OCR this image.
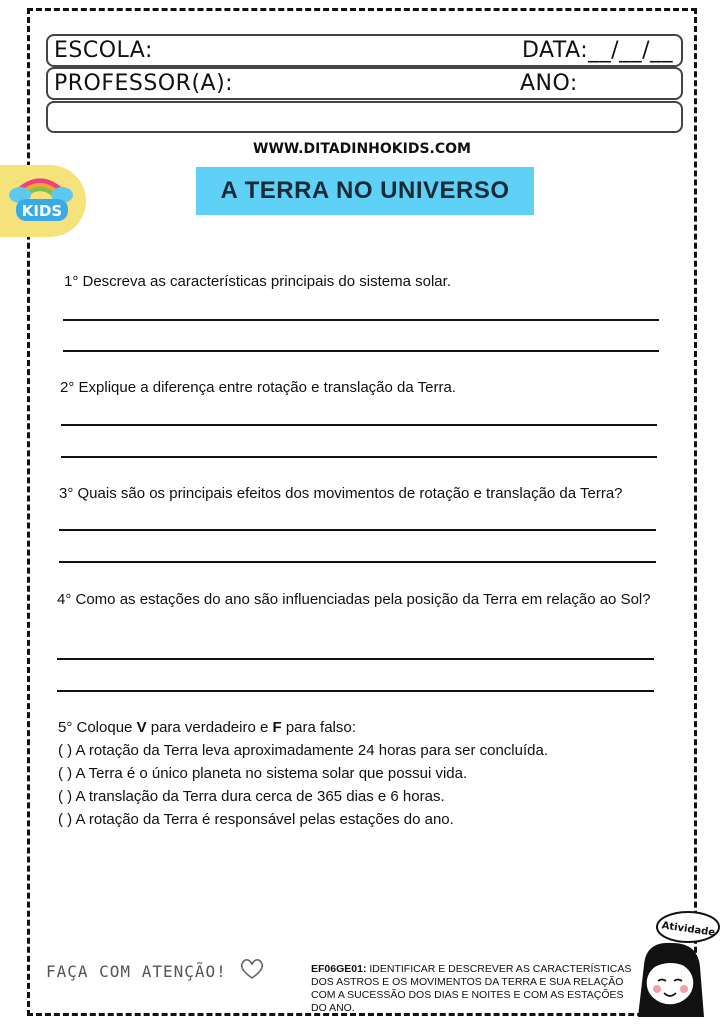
ESCOLA:	DATA:__/__/__
PROFESSOR(A):	ANO:
WWW.DITADINHOKIDS.COM
KIDS
A TERRA NO UNIVERSO
1° Descreva as características principais do sistema solar.
2° Explique a diferença entre rotação e translação da Terra.
3° Quais são os principais efeitos dos movimentos de rotação e translação da Terra?
4° Como as estações do ano são influenciadas pela posição da Terra em relação ao Sol?
5° Coloque V para verdadeiro e F para falso:
( ) A rotação da Terra leva aproximadamente 24 horas para ser concluída.
( ) A Terra é o único planeta no sistema solar que possui vida.
( ) A translação da Terra dura cerca de 365 dias e 6 horas.
( ) A rotação da Terra é responsável pelas estações do ano.
FAÇA COM ATENÇÃO!	EF06GE01: IDENTIFICAR E DESCREVER AS CARACTERÍSTICAS DOS ASTROS E OS MOVIMENTOS DA TERRA E SUA RELAÇÃO COM A SUCESSÃO DOS DIAS E NOITES E COM AS ESTAÇÕES DO ANO.
Atividade
